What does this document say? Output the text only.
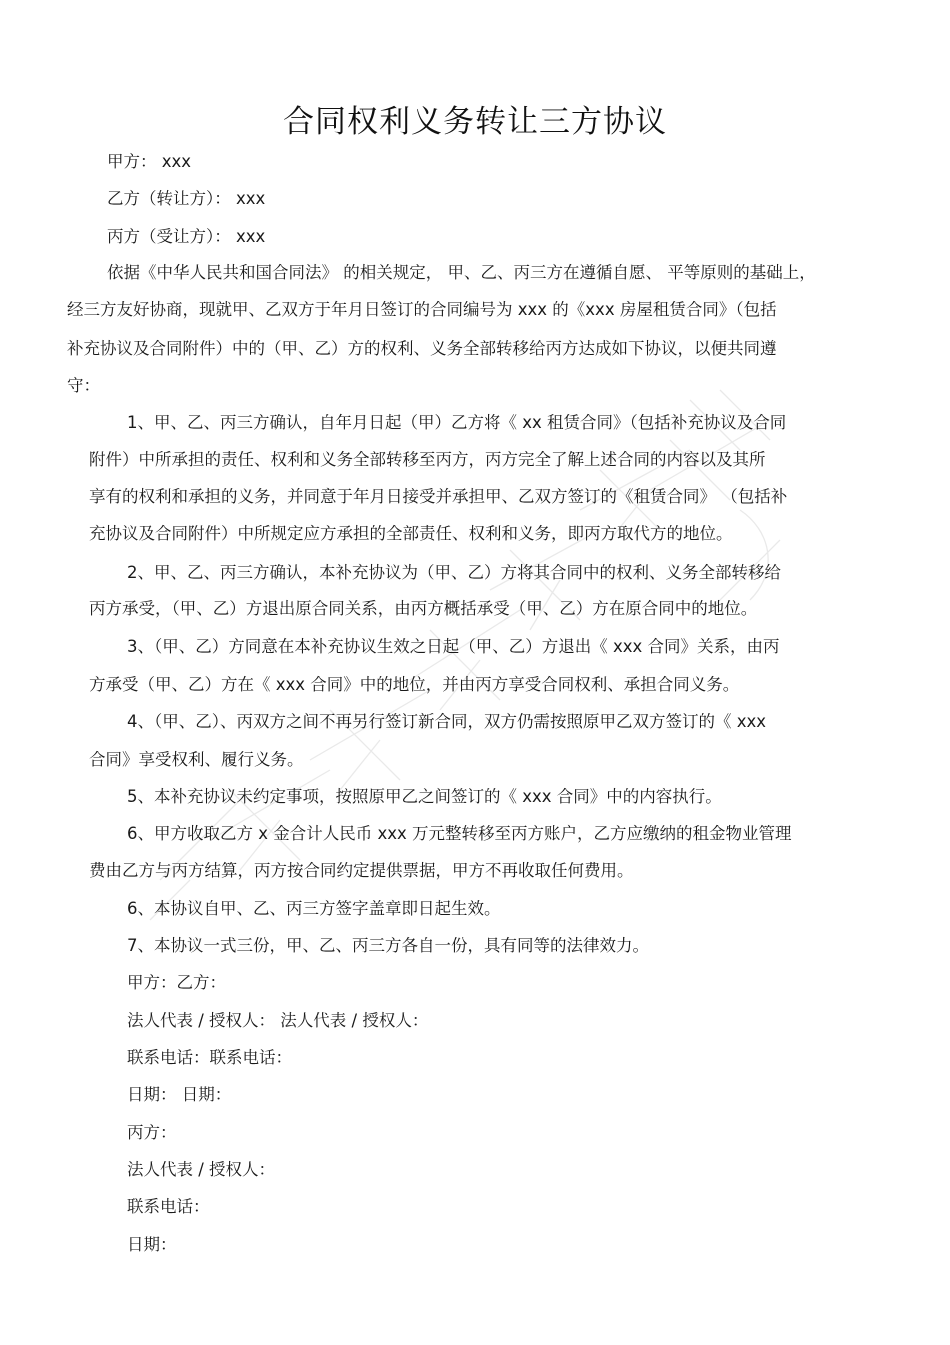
合同权利义务转让三方协议
甲方： xxx
乙方（转让方）： xxx
丙方（受让方）： xxx
依据《中华人民共和国合同法》 的相关规定， 甲、乙、丙三方在遵循自愿、 平等原则的基础上，
经三方友好协商，现就甲、乙双方于年月日签订的合同编号为 xxx 的《xxx 房屋租赁合同》（包括
补充协议及合同附件）中的（甲、乙）方的权利、义务全部转移给丙方达成如下协议，以便共同遵
守：
1、甲、乙、丙三方确认，自年月日起（甲）乙方将《 xx 租赁合同》（包括补充协议及合同
附件）中所承担的责任、权利和义务全部转移至丙方，丙方完全了解上述合同的内容以及其所
享有的权利和承担的义务，并同意于年月日接受并承担甲、乙双方签订的《租赁合同》 （包括补
充协议及合同附件）中所规定应方承担的全部责任、权利和义务，即丙方取代方的地位。
2、甲、乙、丙三方确认，本补充协议为（甲、乙）方将其合同中的权利、义务全部转移给
丙方承受，（甲、乙）方退出原合同关系，由丙方概括承受（甲、乙）方在原合同中的地位。
3、（甲、乙）方同意在本补充协议生效之日起（甲、乙）方退出《 xxx 合同》关系，由丙
方承受（甲、乙）方在《 xxx 合同》中的地位，并由丙方享受合同权利、承担合同义务。
4、（甲、乙）、丙双方之间不再另行签订新合同，双方仍需按照原甲乙双方签订的《 xxx
合同》享受权利、履行义务。
5、本补充协议未约定事项，按照原甲乙之间签订的《 xxx 合同》中的内容执行。
6、甲方收取乙方 x 金合计人民币 xxx 万元整转移至丙方账户，乙方应缴纳的租金物业管理
费由乙方与丙方结算，丙方按合同约定提供票据，甲方不再收取任何费用。
6、本协议自甲、乙、丙三方签字盖章即日起生效。
7、本协议一式三份，甲、乙、丙三方各自一份，具有同等的法律效力。
甲方：乙方：
法人代表 / 授权人： 法人代表 / 授权人：
联系电话：联系电话：
日期： 日期：
丙方：
法人代表 / 授权人：
联系电话：
日期：
